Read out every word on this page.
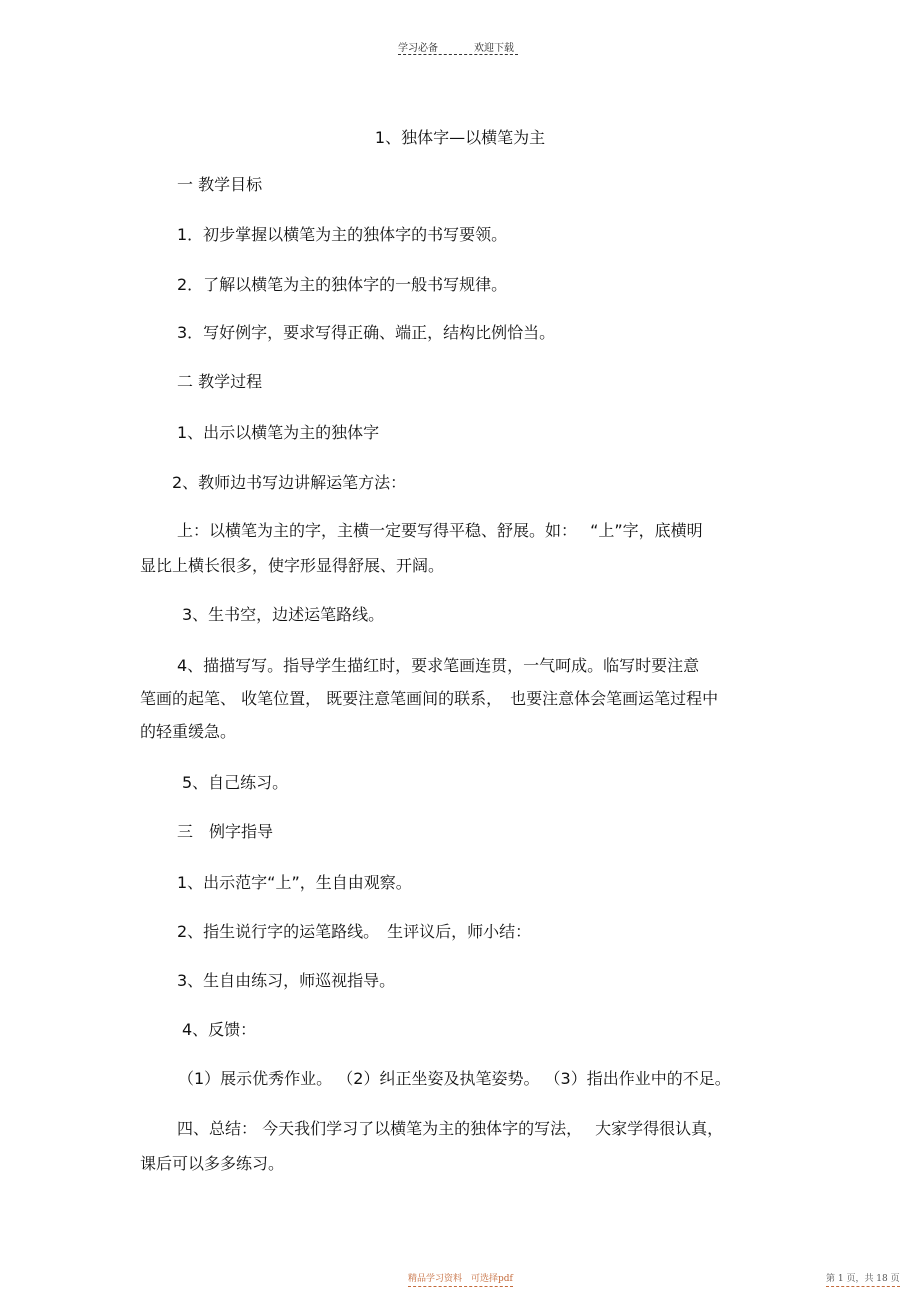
学习必备	欢迎下载
1、独体字—以横笔为主
一 教学目标
1．初步掌握以横笔为主的独体字的书写要领。
2．了解以横笔为主的独体字的一般书写规律。
3．写好例字，要求写得正确、端正，结构比例恰当。
二 教学过程
1、出示以横笔为主的独体字
2、教师边书写边讲解运笔方法：
上：以横笔为主的字，主横一定要写得平稳、舒展。如：　 “上”字，底横明
显比上横长很多，使字形显得舒展、开阔。
3、生书空，边述运笔路线。
4、描描写写。指导学生描红时，要求笔画连贯，一气呵成。临写时要注意
笔画的起笔、 收笔位置， 既要注意笔画间的联系，　也要注意体会笔画运笔过程中
的轻重缓急。
5、自己练习。
三　例字指导
1、出示范字“上”，生自由观察。
2、指生说行字的运笔路线。　生评议后，师小结：
3、生自由练习，师巡视指导。
4、反馈：
（1）展示优秀作业。 （2）纠正坐姿及执笔姿势。 （3）指出作业中的不足。
四、总结： 今天我们学习了以横笔为主的独体字的写法，　 大家学得很认真，
课后可以多多练习。
精品学习资料　可选择pdf	第 1 页，共 18 页
